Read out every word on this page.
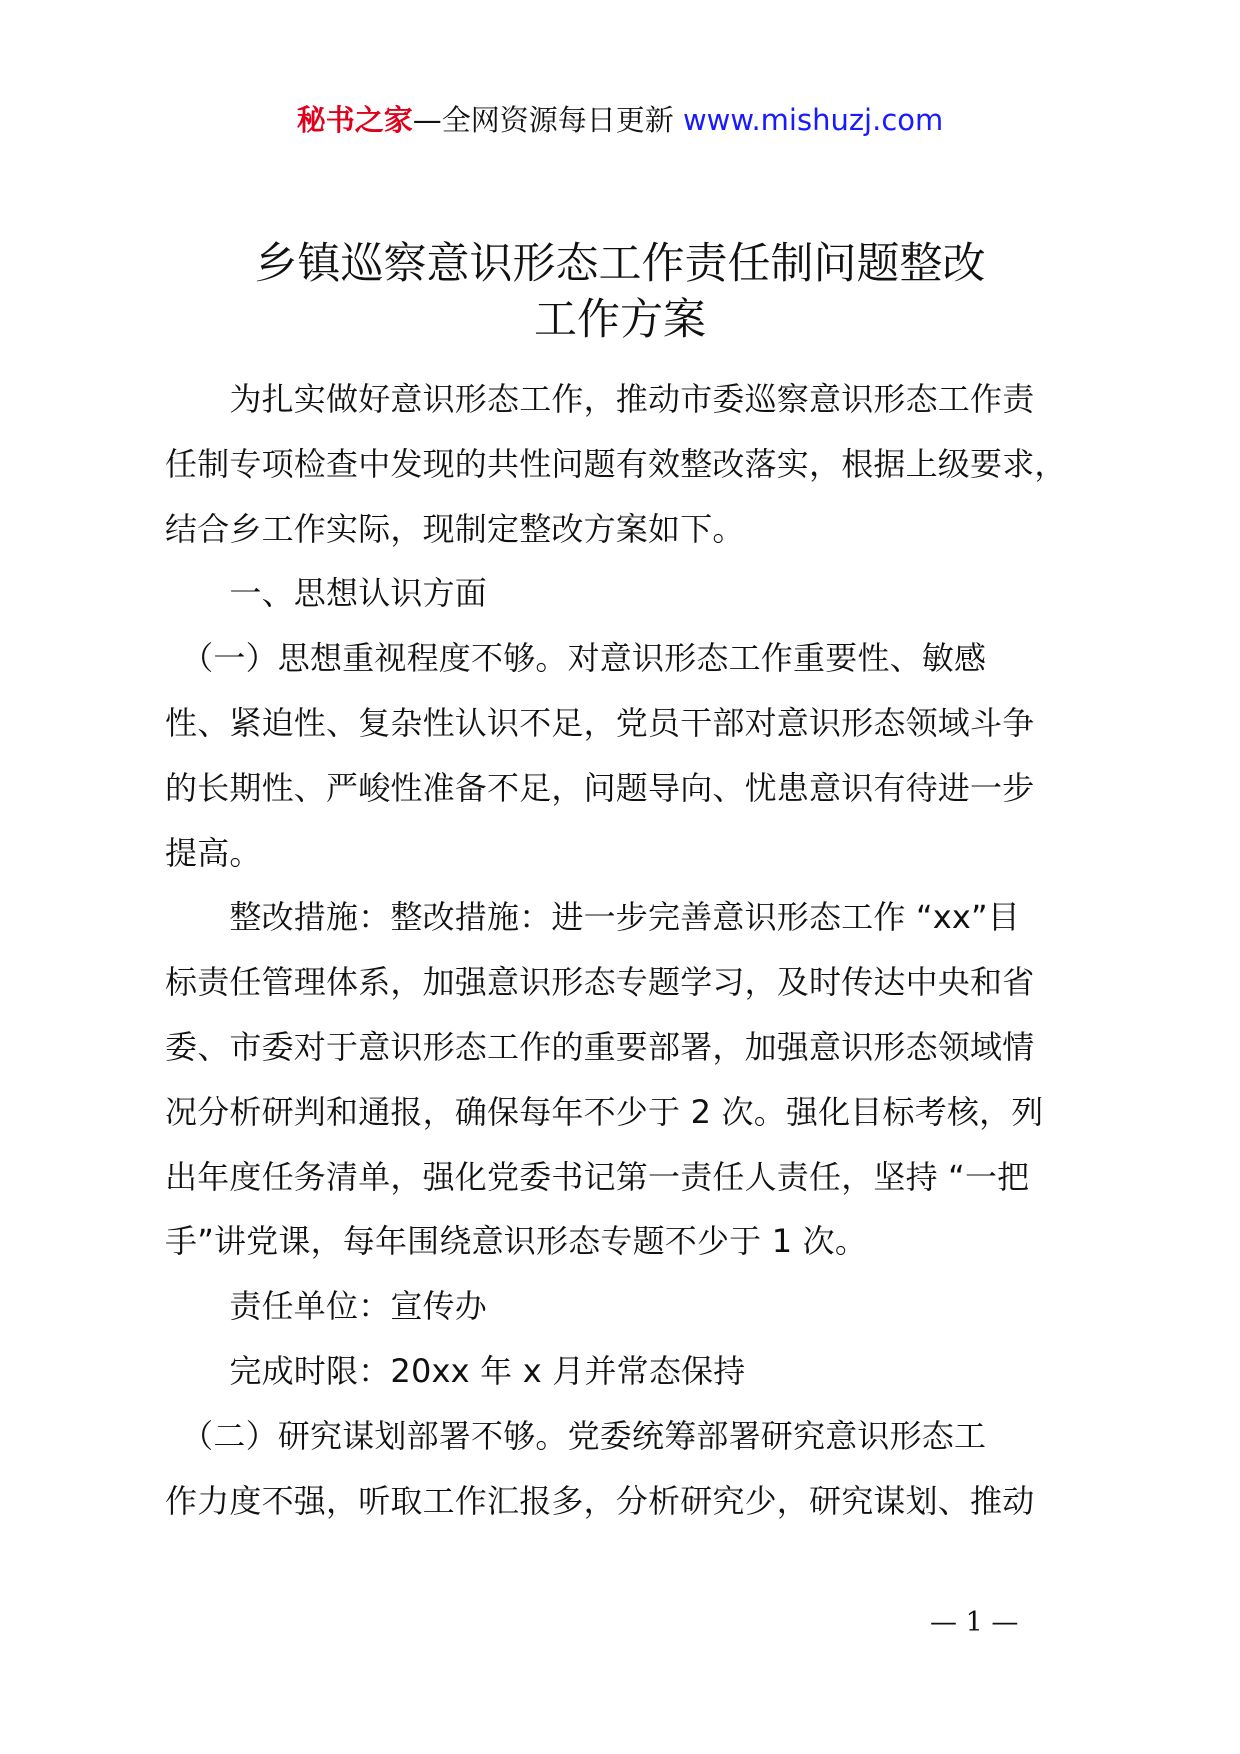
秘书之家—全网资源每日更新 www.mishuzj.com
乡镇巡察意识形态工作责任制问题整改
工作方案
　　为扎实做好意识形态工作，推动市委巡察意识形态工作责
任制专项检查中发现的共性问题有效整改落实，根据上级要求，
结合乡工作实际，现制定整改方案如下。
　　一、思想认识方面
　（一）思想重视程度不够。对意识形态工作重要性、敏感
性、紧迫性、复杂性认识不足，党员干部对意识形态领域斗争
的长期性、严峻性准备不足，问题导向、忧患意识有待进一步
提高。
　　整改措施：整改措施：进一步完善意识形态工作 “xx”目
标责任管理体系，加强意识形态专题学习，及时传达中央和省
委、市委对于意识形态工作的重要部署，加强意识形态领域情
况分析研判和通报，确保每年不少于 2 次。强化目标考核，列
出年度任务清单，强化党委书记第一责任人责任，坚持 “一把
手”讲党课，每年围绕意识形态专题不少于 1 次。
　　责任单位：宣传办
　　完成时限：20xx 年 x 月并常态保持
　（二）研究谋划部署不够。党委统筹部署研究意识形态工
作力度不强，听取工作汇报多，分析研究少，研究谋划、推动
— 1 —
